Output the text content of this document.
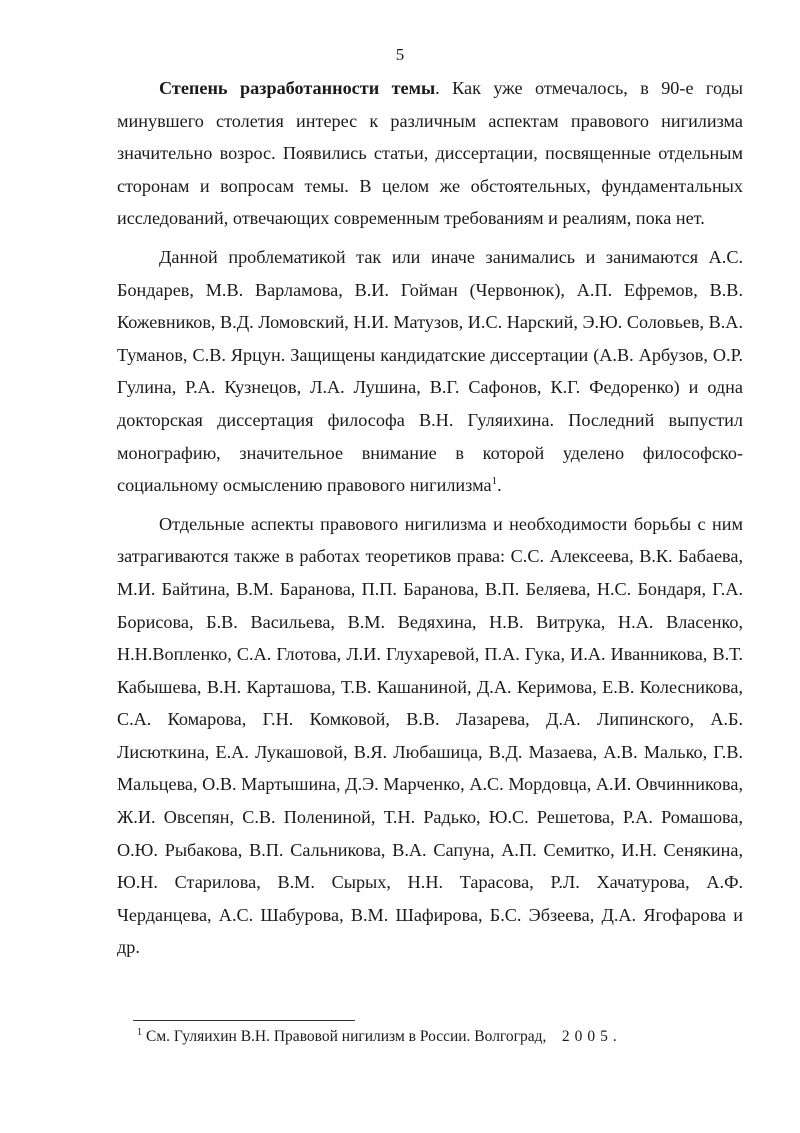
5

Степень разработанности темы. Как уже отмечалось, в 90-е годы минувшего столетия интерес к различным аспектам правового нигилизма значительно возрос. Появились статьи, диссертации, посвященные отдельным сторонам и вопросам темы. В целом же обстоятельных, фундаментальных исследований, отвечающих современным требованиям и реалиям, пока нет.

Данной проблематикой так или иначе занимались и занимаются А.С. Бондарев, М.В. Варламова, В.И. Гойман (Червонюк), А.П. Ефремов, В.В. Кожевников, В.Д. Ломовский, Н.И. Матузов, И.С. Нарский, Э.Ю. Соловьев, В.А. Туманов, С.В. Ярцун. Защищены кандидатские диссертации (А.В. Арбузов, О.Р. Гулина, Р.А. Кузнецов, Л.А. Лушина, В.Г. Сафонов, К.Г. Федоренко) и одна докторская диссертация философа В.Н. Гуляихина. Последний выпустил монографию, значительное внимание в которой уделено философско-социальному осмыслению правового нигилизма$^1$.

Отдельные аспекты правового нигилизма и необходимости борьбы с ним затрагиваются также в работах теоретиков права: С.С. Алексеева, В.К. Бабаева, М.И. Байтина, В.М. Баранова, П.П. Баранова, В.П. Беляева, Н.С. Бондаря, Г.А. Борисова, Б.В. Васильева, В.М. Ведяхина, Н.В. Витрука, Н.А. Власенко, Н.Н.Вопленко, С.А. Глотова, Л.И. Глухаревой, П.А. Гука, И.А. Иванникова, В.Т. Кабышева, В.Н. Карташова, Т.В. Кашаниной, Д.А. Керимова, Е.В. Колесникова, С.А. Комарова, Г.Н. Комковой, В.В. Лазарева, Д.А. Липинского, А.Б. Лисюткина, Е.А. Лукашовой, В.Я. Любашица, В.Д. Мазаева, А.В. Малько, Г.В. Мальцева, О.В. Мартышина, Д.Э. Марченко, А.С. Мордовца, А.И. Овчинникова, Ж.И. Овсепян, С.В. Полениной, Т.Н. Радько, Ю.С. Решетова, Р.А. Ромашова, О.Ю. Рыбакова, В.П. Сальникова, В.А. Сапуна, А.П. Семитко, И.Н. Сенякина, Ю.Н. Старилова, В.М. Сырых, Н.Н. Тарасова, Р.Л. Хачатурова, А.Ф. Черданцева, А.С. Шабурова, В.М. Шафирова, Б.С. Эбзеева, Д.А. Ягофарова и др.

$^1$ См. Гуляихин В.Н. Правовой нигилизм в России. Волгоград, 2005.
